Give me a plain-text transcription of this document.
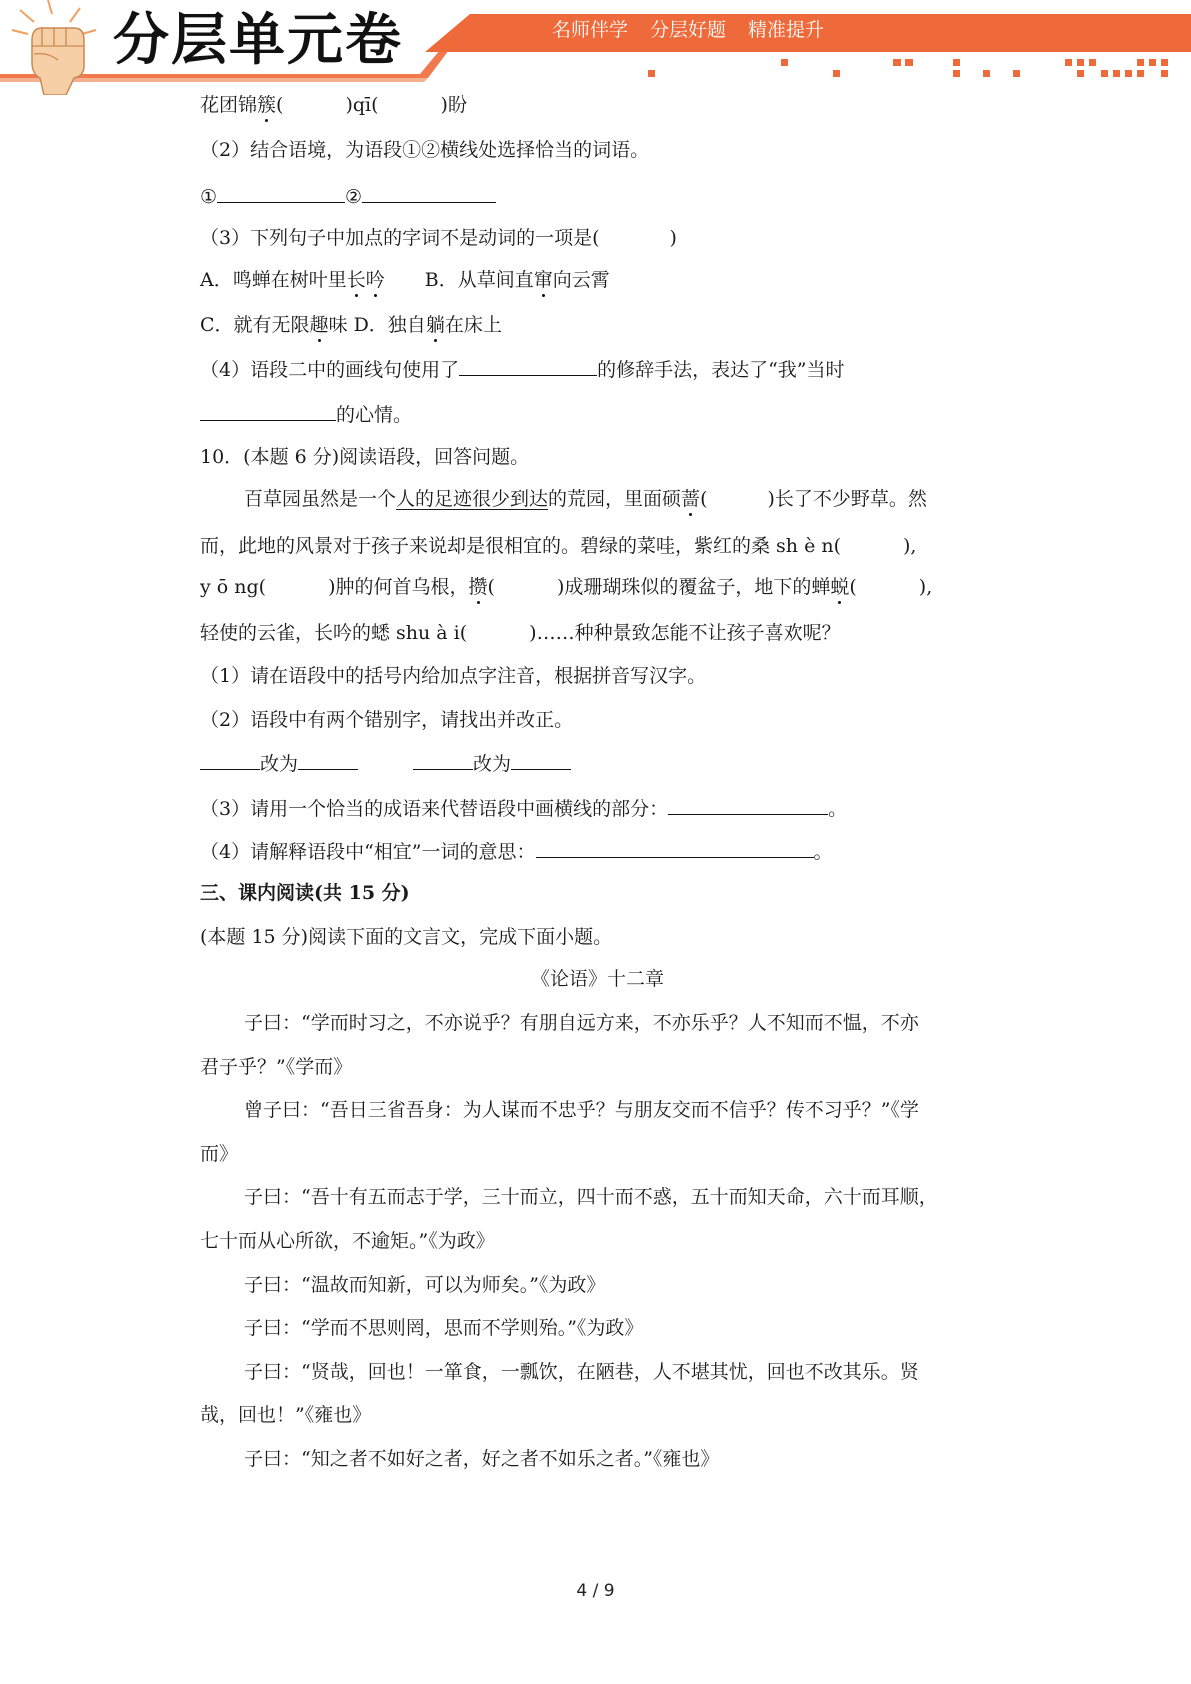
分层单元卷	名师伴学 分层好题 精准提升
花团锦簇(	)qī(	)盼
（2）结合语境，为语段①②横线处选择恰当的词语。
①	②
（3）下列句子中加点的字词不是动词的一项是(	)
A．鸣蝉在树叶里长吟 B．从草间直窜向云霄
C．就有无限趣味 D．独自躺在床上
（4）语段二中的画线句使用了	的修辞手法，表达了“我”当时
的心情。
10．(本题 6 分)阅读语段，回答问题。
百草园虽然是一个人的足迹很少到达的荒园，里面硕蔷(	)长了不少野草。然
而，此地的风景对于孩子来说却是很相宜的。碧绿的菜哇，紫红的桑 sh è n(	),
y ō ng(	)肿的何首乌根，攒(	)成珊瑚珠似的覆盆子，地下的蝉蜕(	),
轻使的云雀，长吟的蟋 shu à i(	)……种种景致怎能不让孩子喜欢呢？
（1）请在语段中的括号内给加点字注音，根据拼音写汉字。
（2）语段中有两个错别字，请找出并改正。
改为	改为
（3）请用一个恰当的成语来代替语段中画横线的部分：	。
（4）请解释语段中“相宜”一词的意思：	。
三、课内阅读(共 15 分)
(本题 15 分)阅读下面的文言文，完成下面小题。
《论语》十二章
子曰：“学而时习之，不亦说乎？有朋自远方来，不亦乐乎？人不知而不愠，不亦
君子乎？”《学而》
曾子曰：“吾日三省吾身：为人谋而不忠乎？与朋友交而不信乎？传不习乎？”《学
而》
子曰：“吾十有五而志于学，三十而立，四十而不惑，五十而知天命，六十而耳顺，
七十而从心所欲，不逾矩。”《为政》
子曰：“温故而知新，可以为师矣。”《为政》
子曰：“学而不思则罔，思而不学则殆。”《为政》
子曰：“贤哉，回也！一箪食，一瓢饮，在陋巷，人不堪其忧，回也不改其乐。贤
哉，回也！”《雍也》
子曰：“知之者不如好之者，好之者不如乐之者。”《雍也》
4 / 9
